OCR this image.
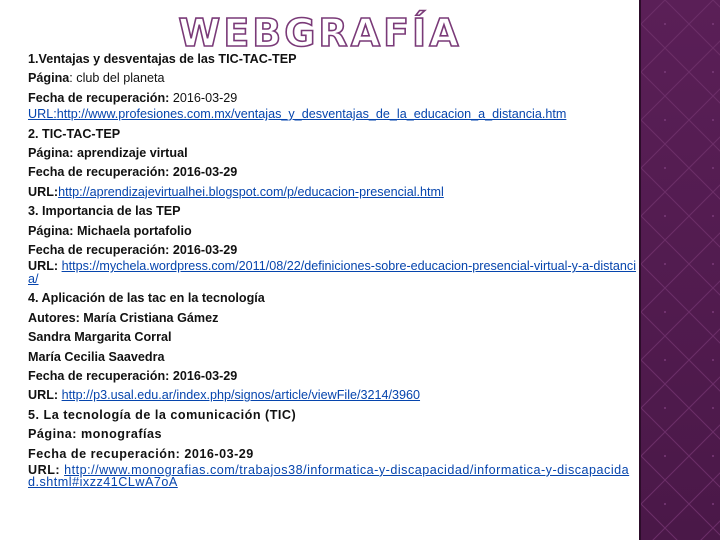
WEBGRAFÍA
1.Ventajas y desventajas de las TIC-TAC-TEP
Página: club del planeta
Fecha de recuperación: 2016-03-29
URL:http://www.profesiones.com.mx/ventajas_y_desventajas_de_la_educacion_a_distancia.htm
2. TIC-TAC-TEP
Página: aprendizaje virtual
Fecha de recuperación: 2016-03-29
URL:http://aprendizajevirtualhei.blogspot.com/p/educacion-presencial.html
3. Importancia de las TEP
Página: Michaela portafolio
Fecha de recuperación: 2016-03-29
URL: https://mychela.wordpress.com/2011/08/22/definiciones-sobre-educacion-presencial-virtual-y-a-distancia/
4. Aplicación de las tac en la tecnología
Autores: María Cristiana Gámez
Sandra Margarita Corral
María Cecilia Saavedra
Fecha de recuperación: 2016-03-29
URL: http://p3.usal.edu.ar/index.php/signos/article/viewFile/3214/3960
5. La tecnología de la comunicación (TIC)
Página: monografías
Fecha de recuperación: 2016-03-29
URL: http://www.monografias.com/trabajos38/informatica-y-discapacidad/informatica-y-discapacidad.shtml#ixzz41CLwA7oA
